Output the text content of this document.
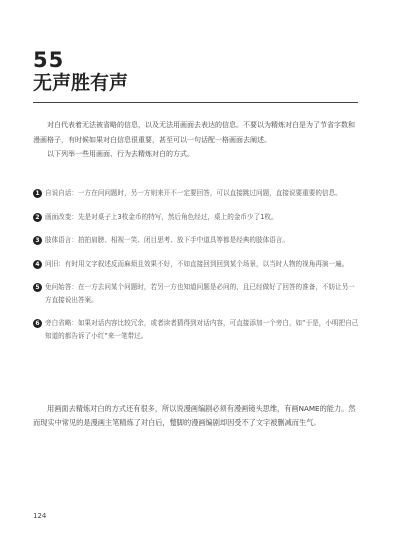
55
无声胜有声

对白代表着无法被省略的信息，以及无法用画面去表达的信息。不要以为精炼对白是为了节省字数和漫画格子，有时候如果对白信息很重要，甚至可以一句话配一格画面去阐述。

以下列举一些用画面、行为去精炼对白的方式。

1 自说自话：一方在问问题时，另一方则来开不一定要回答，可以直接跳过问题，直接说要重要的信息。
2 画面改变：先是对桌子上3枚金币的特写，然后角色经过，桌上的金币少了1枚。
3 肢体语言：拍拍肩膀、相视一笑、闭目思考、放下手中道具等都是经典的肢体语言。
4 问旧：有时用文字叙述反而麻烦且效果不好，不如直接回到回到某个场景，以当时人物的视角再演一遍。
5 免问始答：在一方去问某个问题时，若另一方也知道问题是必问的，且已经做好了回答的准备，不妨让另一方直接说出答案。
6 旁白省略：如果对话内容比较冗余，或者读者猜得到对话内容，可直接添加一个旁白，如“于是，小明把自己知道的都告诉了小红”来一笔带过。

用画面去精炼对白的方式还有很多，所以说漫画编剧必须有漫画镜头思维，有画NAME的能力。然而现实中常见的是漫画主笔精炼了对白后，蹩脚的漫画编剧却因受不了文字被删减而生气。

124
